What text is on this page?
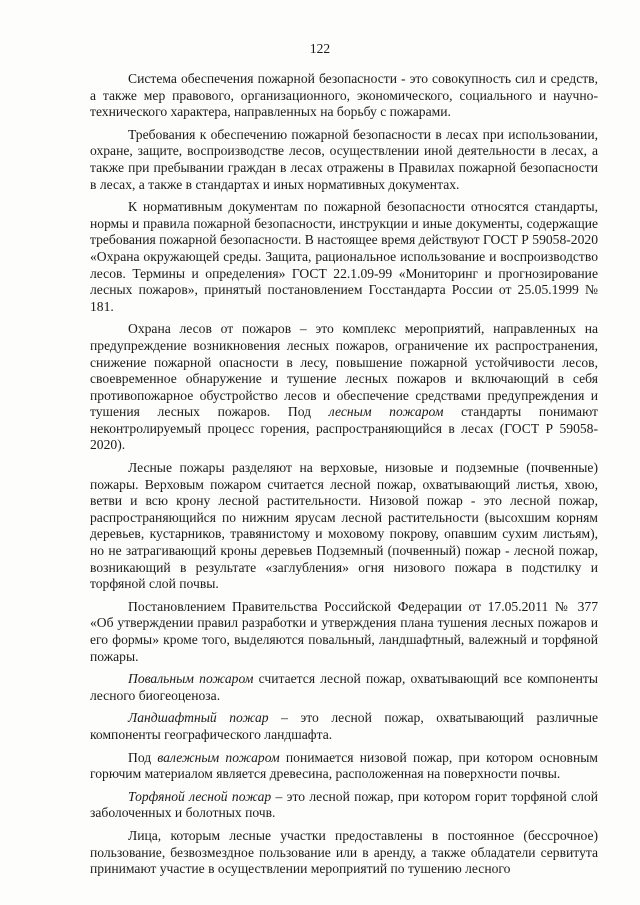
122

Система обеспечения пожарной безопасности - это совокупность сил и средств, а также мер правового, организационного, экономического, социального и научно-технического характера, направленных на борьбу с пожарами.

Требования к обеспечению пожарной безопасности в лесах при использовании, охране, защите, воспроизводстве лесов, осуществлении иной деятельности в лесах, а также при пребывании граждан в лесах отражены в Правилах пожарной безопасности в лесах, а также в стандартах и иных нормативных документах.

К нормативным документам по пожарной безопасности относятся стандарты, нормы и правила пожарной безопасности, инструкции и иные документы, содержащие требования пожарной безопасности. В настоящее время действуют ГОСТ Р 59058-2020 «Охрана окружающей среды. Защита, рациональное использование и воспроизводство лесов. Термины и определения» ГОСТ 22.1.09-99 «Мониторинг и прогнозирование лесных пожаров», принятый постановлением Госстандарта России от 25.05.1999 № 181.

Охрана лесов от пожаров – это комплекс мероприятий, направленных на предупреждение возникновения лесных пожаров, ограничение их распространения, снижение пожарной опасности в лесу, повышение пожарной устойчивости лесов, своевременное обнаружение и тушение лесных пожаров и включающий в себя противопожарное обустройство лесов и обеспечение средствами предупреждения и тушения лесных пожаров. Под лесным пожаром стандарты понимают неконтролируемый процесс горения, распространяющийся в лесах (ГОСТ Р 59058-2020).

Лесные пожары разделяют на верховые, низовые и подземные (почвенные) пожары. Верховым пожаром считается лесной пожар, охватывающий листья, хвою, ветви и всю крону лесной растительности. Низовой пожар - это лесной пожар, распространяющийся по нижним ярусам лесной растительности (высохшим корням деревьев, кустарников, травянистому и моховому покрову, опавшим сухим листьям), но не затрагивающий кроны деревьев Подземный (почвенный) пожар - лесной пожар, возникающий в результате «заглубления» огня низового пожара в подстилку и торфяной слой почвы.

Постановлением Правительства Российской Федерации от 17.05.2011 № 377 «Об утверждении правил разработки и утверждения плана тушения лесных пожаров и его формы» кроме того, выделяются повальный, ландшафтный, валежный и торфяной пожары.

Повальным пожаром считается лесной пожар, охватывающий все компоненты лесного биогеоценоза.

Ландшафтный пожар – это лесной пожар, охватывающий различные компоненты географического ландшафта.

Под валежным пожаром понимается низовой пожар, при котором основным горючим материалом является древесина, расположенная на поверхности почвы.

Торфяной лесной пожар – это лесной пожар, при котором горит торфяной слой заболоченных и болотных почв.

Лица, которым лесные участки предоставлены в постоянное (бессрочное) пользование, безвозмездное пользование или в аренду, а также обладатели сервитута принимают участие в осуществлении мероприятий по тушению лесного
